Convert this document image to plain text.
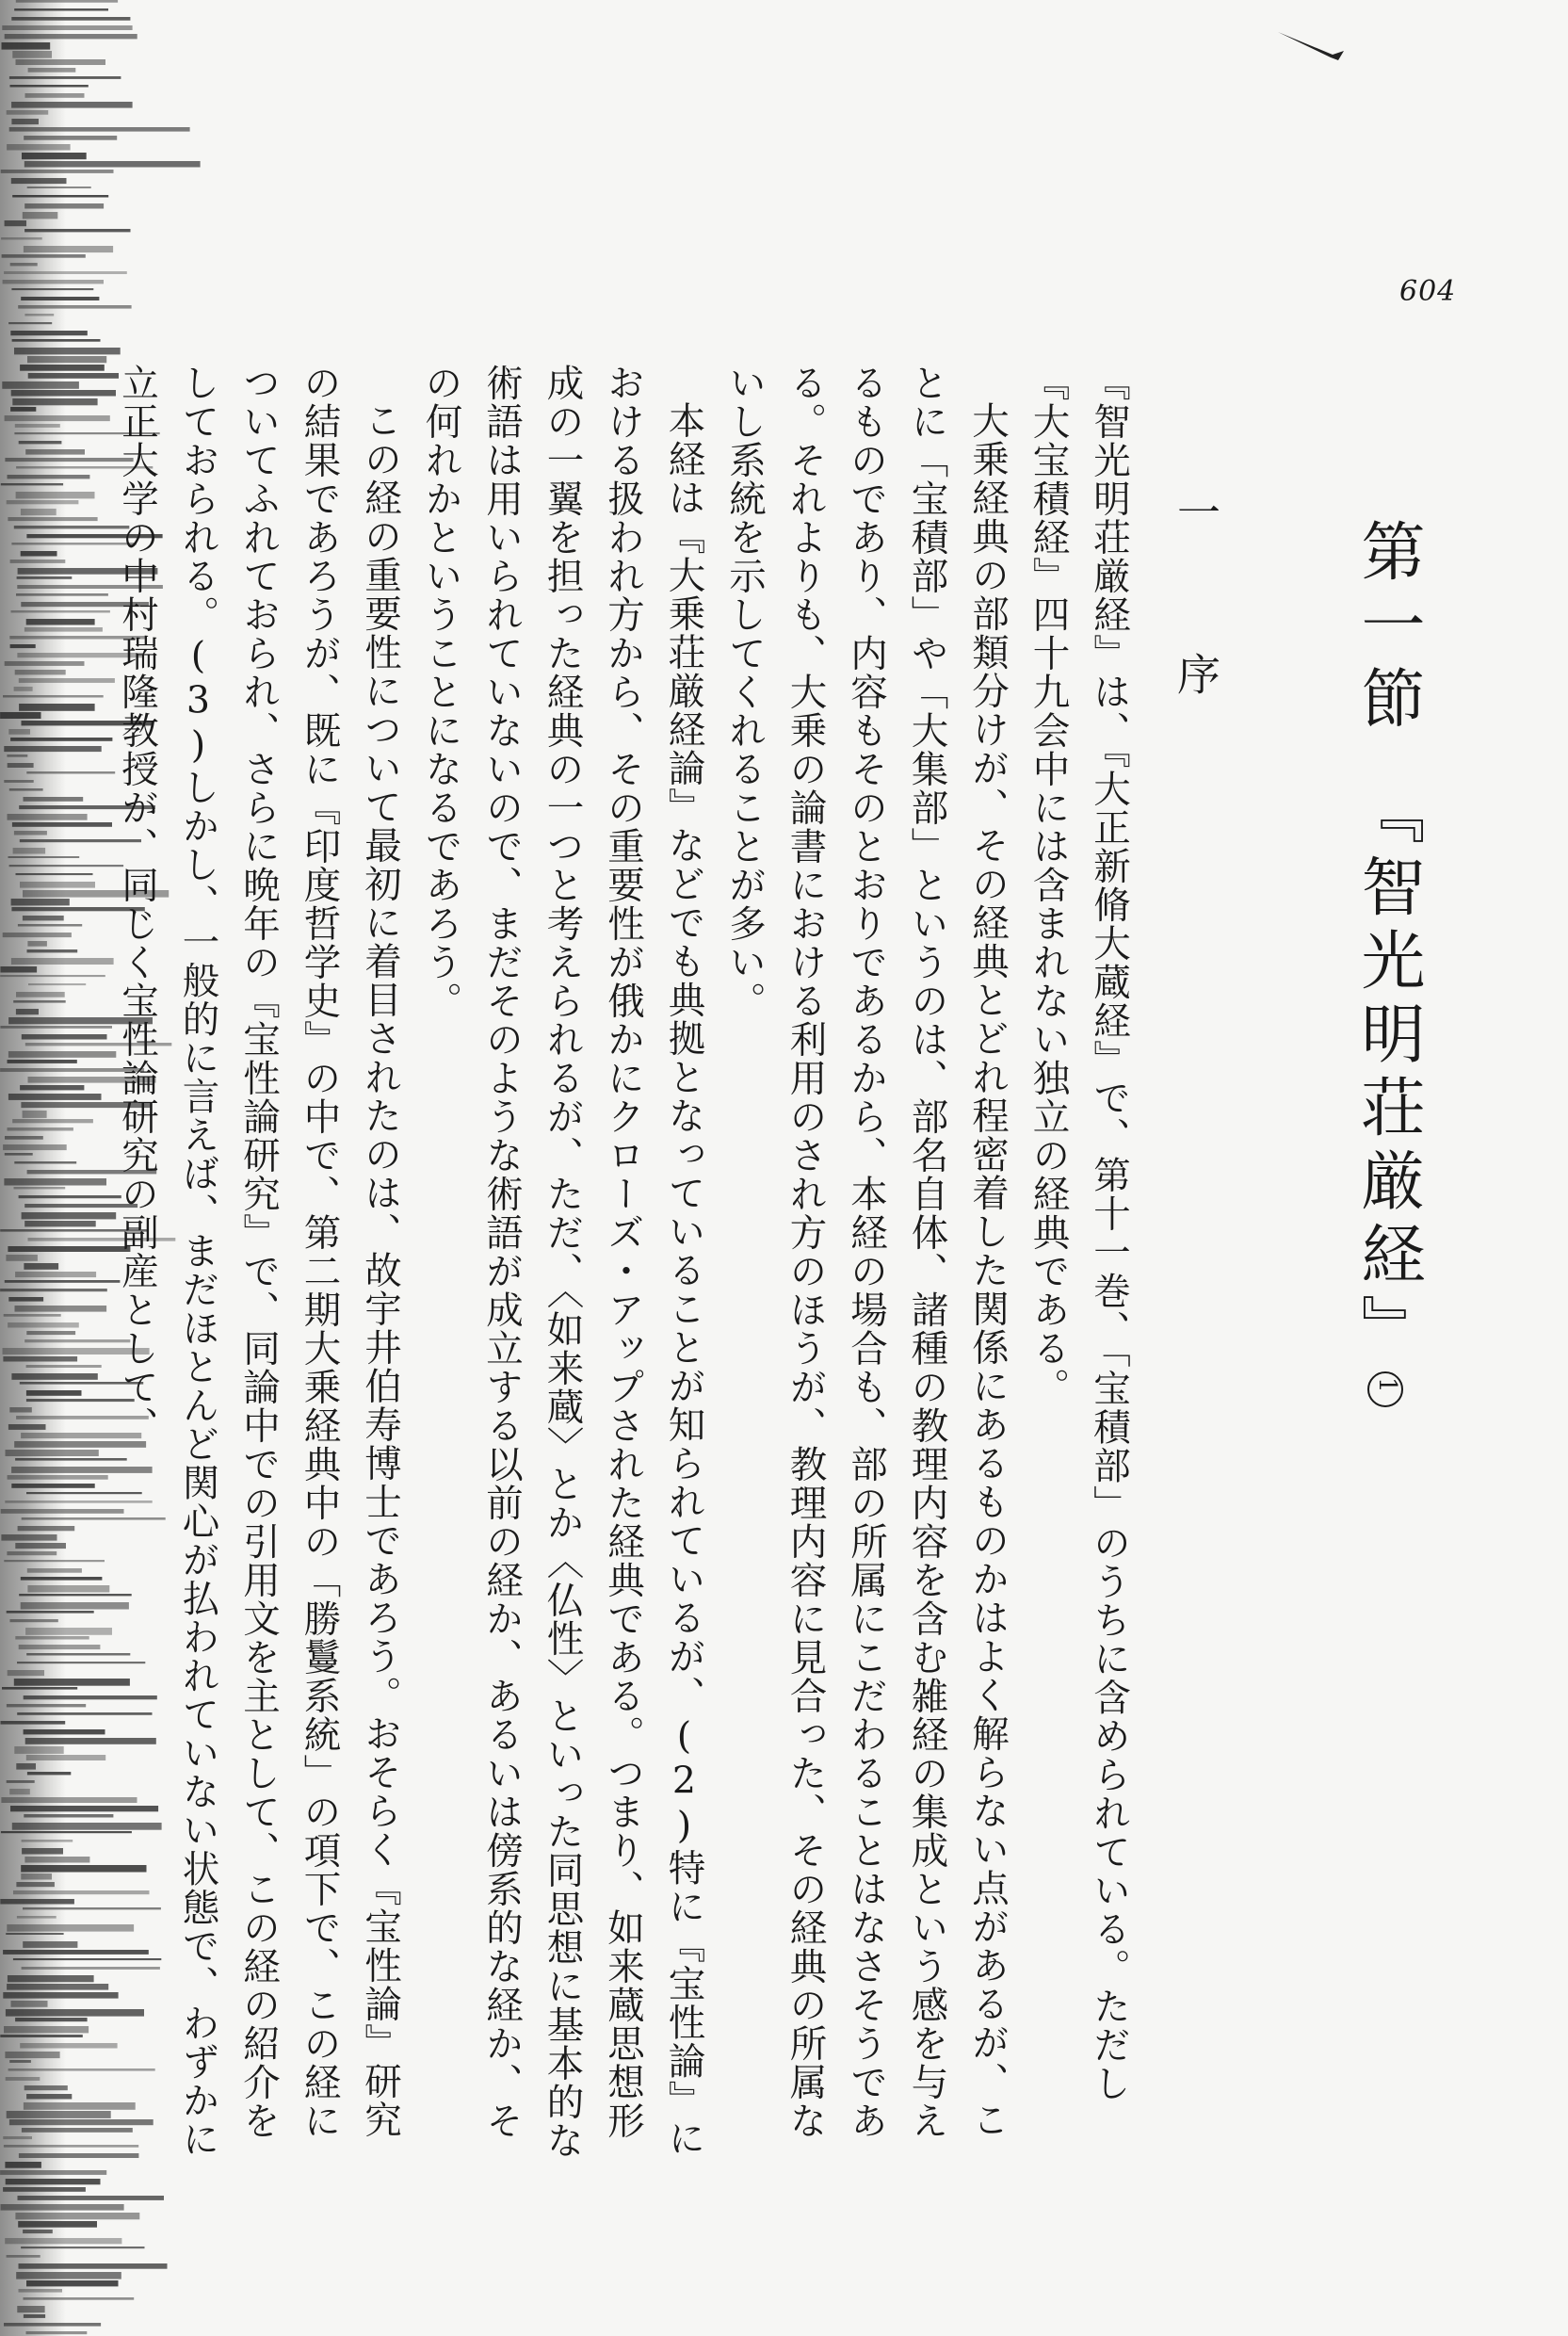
604
第一節　『智光明荘厳経』1
一　序

『智光明荘厳経』は、『大正新脩大蔵経』で、第十一巻、「宝積部」のうちに含められている。ただし『大宝積経』四十九会中には含まれない独立の経典である。

大乗経典の部類分けが、その経典とどれ程密着した関係にあるものかはよく解らない点があるが、ことに「宝積部」や「大集部」というのは、部名自体、諸種の教理内容を含む雑経の集成という感を与えるものであり、内容もそのとおりであるから、本経の場合も、部の所属にこだわることはなさそうである。それよりも、大乗の論書における利用のされ方のほうが、教理内容に見合った、その経典の所属ないし系統を示してくれることが多い。

本経は『大乗荘厳経論』などでも典拠となっていることが知られているが、(2)特に『宝性論』における扱われ方から、その重要性が俄かにクローズ・アップされた経典である。つまり、如来蔵思想形成の一翼を担った経典の一つと考えられるが、ただ、〈如来蔵〉とか〈仏性〉といった同思想に基本的な術語は用いられていないので、まだそのような術語が成立する以前の経か、あるいは傍系的な経か、その何れかということになるであろう。

この経の重要性について最初に着目されたのは、故宇井伯寿博士であろう。おそらく『宝性論』研究の結果であろうが、既に『印度哲学史』の中で、第二期大乗経典中の「勝鬘系統」の項下で、この経についてふれておられ、さらに晩年の『宝性論研究』で、同論中での引用文を主として、この経の紹介をしておられる。(3)しかし、一般的に言えば、まだほとんど関心が払われていない状態で、わずかに立正大学の中村瑞隆教授が、同じく宝性論研究の副産として、
